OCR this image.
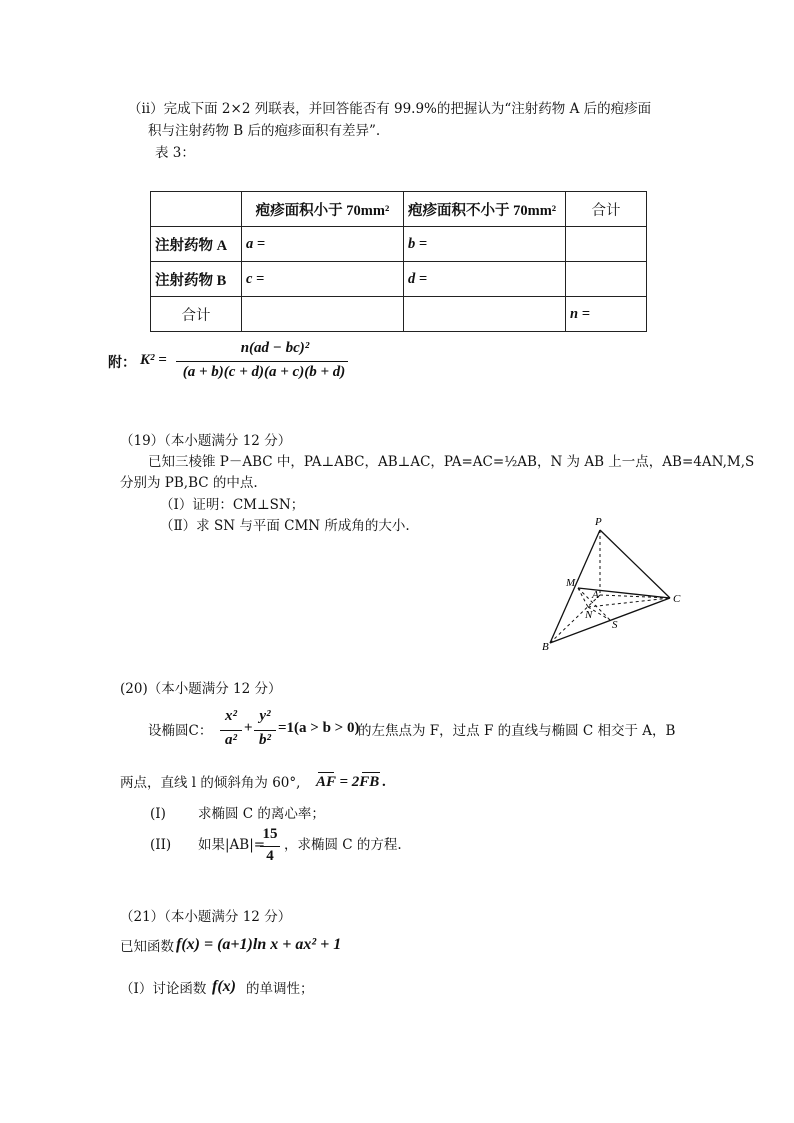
（ⅱ）完成下面 2×2 列联表，并回答能否有 99.9%的把握认为“注射药物 A 后的疱疹面
积与注射药物 B 后的疱疹面积有差异”.
表 3：
	疱疹面积小于 70mm²	疱疹面积不小于 70mm²	合计
注射药物 A	a =	b =	
注射药物 B	c =	d =	
合计			n =
附： K² =
n(ad − bc)²
(a + b)(c + d)(a + c)(b + d)
（19）（本小题满分 12 分）
已知三棱锥 P－ABC 中，PA⊥ABC，AB⊥AC，PA=AC=½AB，N 为 AB 上一点，AB=4AN,M,S
分别为 PB,BC 的中点.
（Ⅰ）证明：CM⊥SN；
（Ⅱ）求 SN 与平面 CMN 所成角的大小.	P
M
A	C
N
S
B
(20)（本小题满分 12 分）
设椭圆C：
x²
a²
+
y²
b²
=1(a > b > 0)
的左焦点为 F，过点 F 的直线与椭圆 C 相交于 A，B
两点，直线 l 的倾斜角为 60°, AF = 2FB .
(I) 求椭圆 C 的离心率；
(II) 如果|AB|=
15
4
，求椭圆 C 的方程.
（21）（本小题满分 12 分）
已知函数 f(x) = (a+1)ln x + ax² + 1
（I）讨论函数 f(x) 的单调性；
